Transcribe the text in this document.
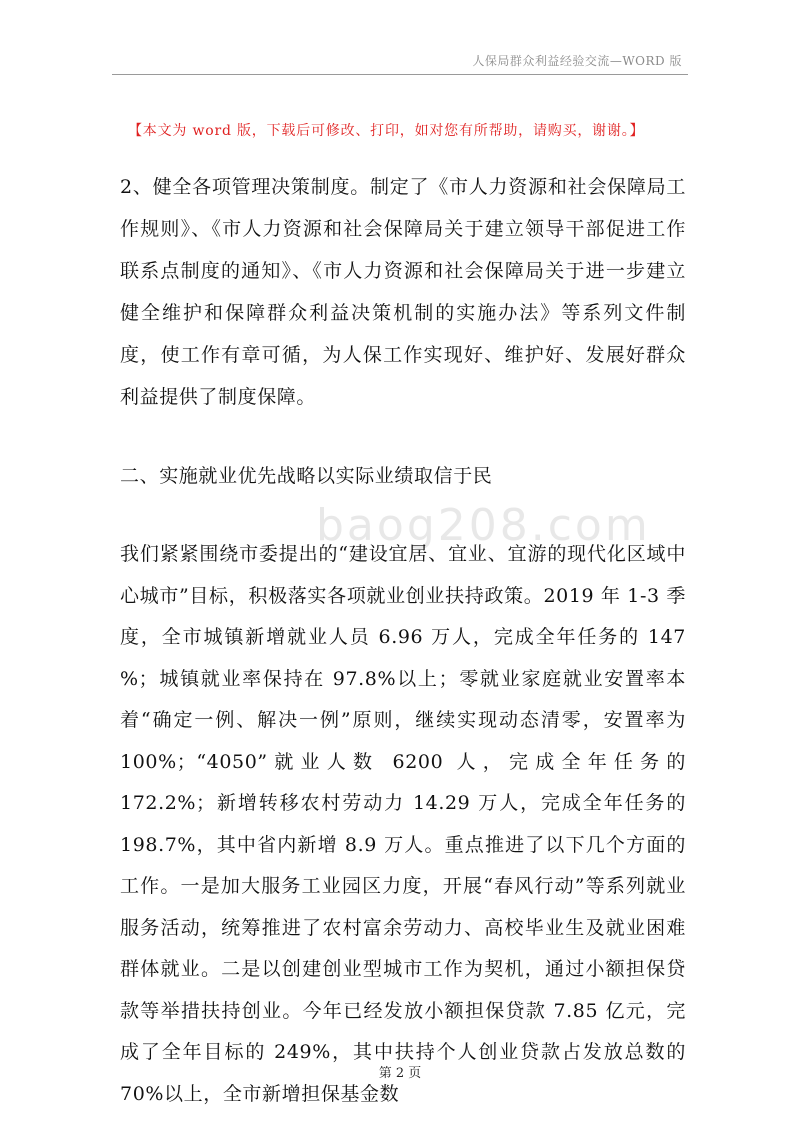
人保局群众利益经验交流—WORD 版
【本文为 word 版，下载后可修改、打印，如对您有所帮助，请购买，谢谢。】
2、健全各项管理决策制度。制定了《市人力资源和社会保障局工作规则》、《市人力资源和社会保障局关于建立领导干部促进工作联系点制度的通知》、《市人力资源和社会保障局关于进一步建立健全维护和保障群众利益决策机制的实施办法》等系列文件制度，使工作有章可循，为人保工作实现好、维护好、发展好群众利益提供了制度保障。
二、实施就业优先战略以实际业绩取信于民
baog208.com
我们紧紧围绕市委提出的“建设宜居、宜业、宜游的现代化区域中心城市”目标，积极落实各项就业创业扶持政策。2019 年 1-3 季度，全市城镇新增就业人员 6.96 万人，完成全年任务的 147 %；城镇就业率保持在 97.8%以上；零就业家庭就业安置率本着“确定一例、解决一例”原则，继续实现动态清零，安置率为 100%；“4050”就业人数 6200 人，完成全年任务的 172.2%；新增转移农村劳动力 14.29 万人，完成全年任务的 198.7%，其中省内新增 8.9 万人。重点推进了以下几个方面的工作。一是加大服务工业园区力度，开展“春风行动”等系列就业服务活动，统筹推进了农村富余劳动力、高校毕业生及就业困难群体就业。二是以创建创业型城市工作为契机，通过小额担保贷款等举措扶持创业。今年已经发放小额担保贷款 7.85 亿元，完成了全年目标的 249%，其中扶持个人创业贷款占发放总数的 70%以上，全市新增担保基金数
第 2 页
